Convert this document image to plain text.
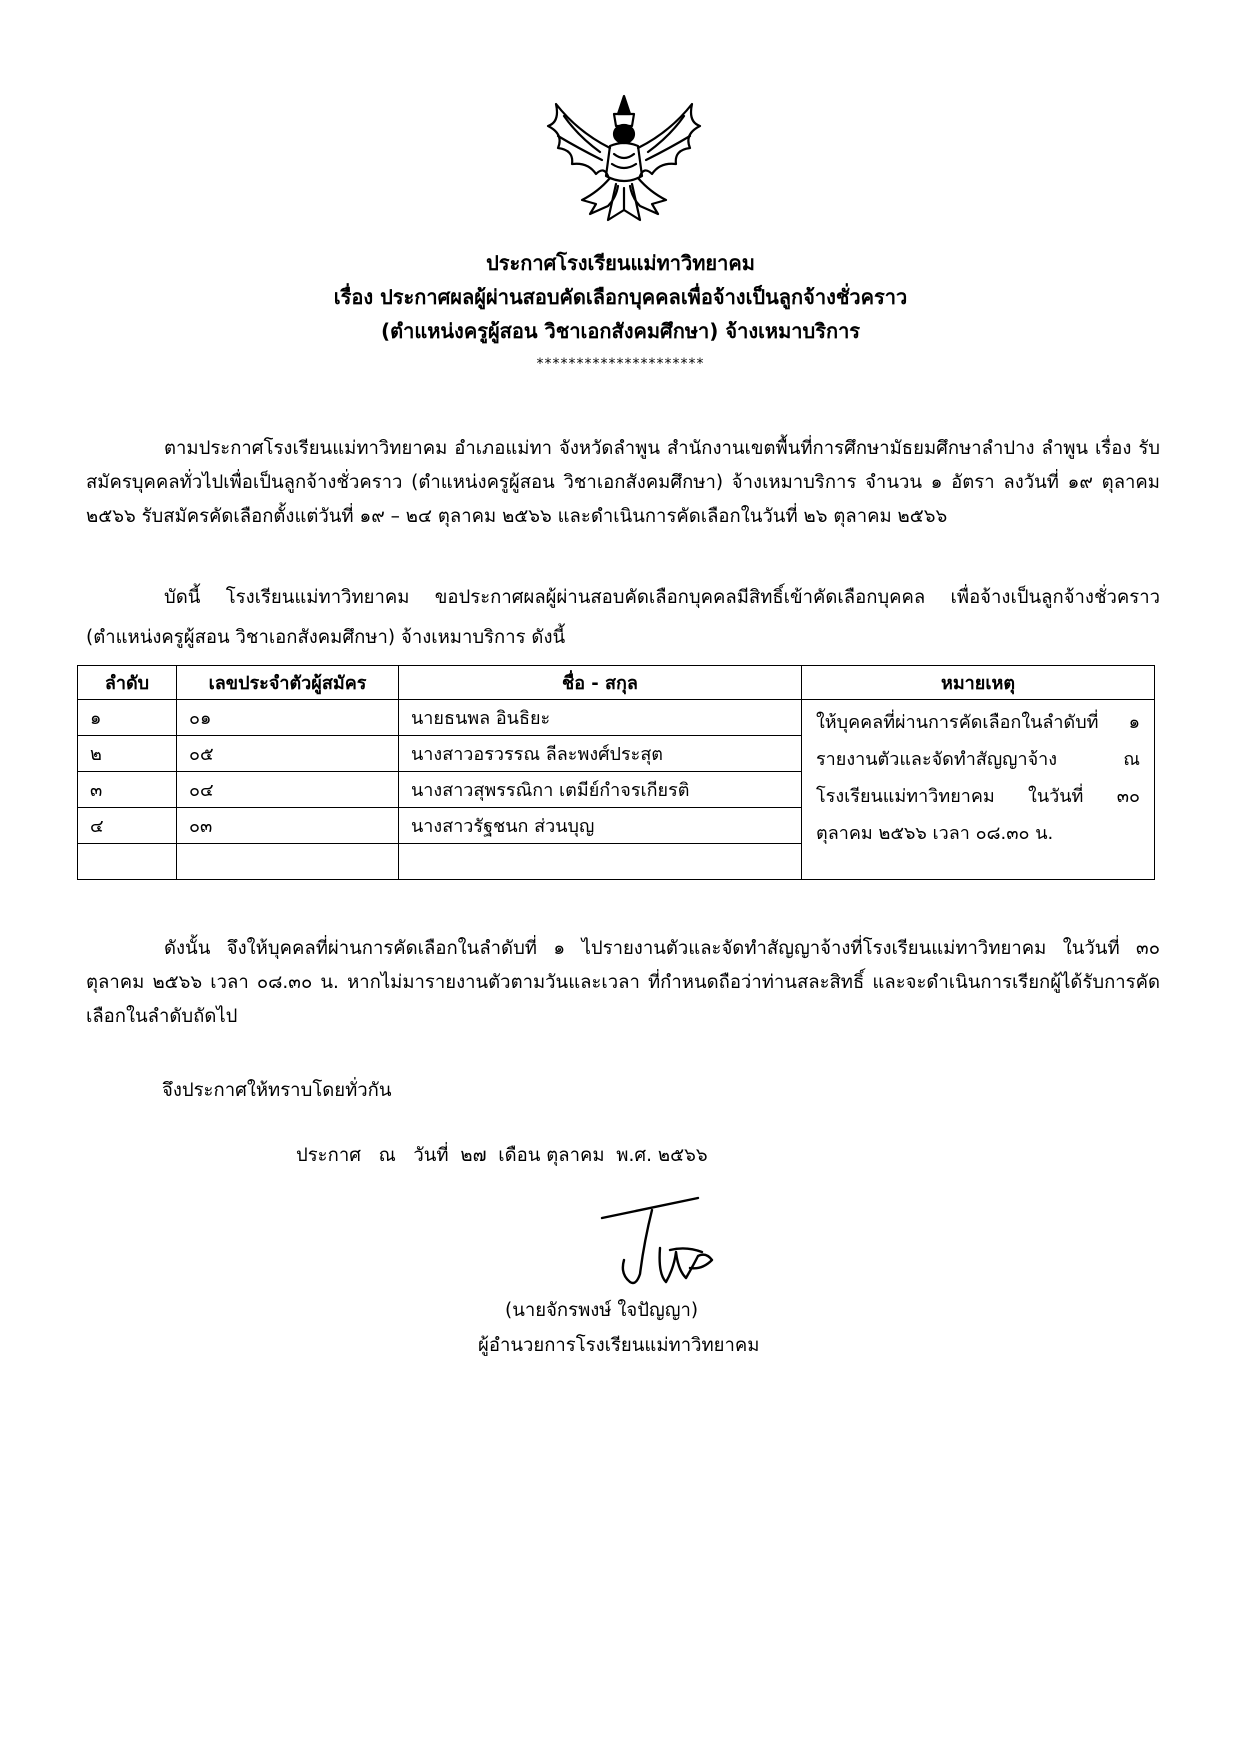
ประกาศโรงเรียนแม่ทาวิทยาคม
เรื่อง ประกาศผลผู้ผ่านสอบคัดเลือกบุคคลเพื่อจ้างเป็นลูกจ้างชั่วคราว
(ตำแหน่งครูผู้สอน วิชาเอกสังคมศึกษา) จ้างเหมาบริการ
*********************
ตามประกาศโรงเรียนแม่ทาวิทยาคม อำเภอแม่ทา จังหวัดลำพูน สำนักงานเขตพื้นที่การศึกษามัธยมศึกษาลำปาง ลำพูน เรื่อง รับสมัครบุคคลทั่วไปเพื่อเป็นลูกจ้างชั่วคราว (ตำแหน่งครูผู้สอน วิชาเอกสังคมศึกษา) จ้างเหมาบริการ จำนวน ๑ อัตรา ลงวันที่ ๑๙ ตุลาคม ๒๕๖๖ รับสมัครคัดเลือกตั้งแต่วันที่ ๑๙ – ๒๔ ตุลาคม ๒๕๖๖ และดำเนินการคัดเลือกในวันที่ ๒๖ ตุลาคม ๒๕๖๖
บัดนี้ โรงเรียนแม่ทาวิทยาคม ขอประกาศผลผู้ผ่านสอบคัดเลือกบุคคลมีสิทธิ์เข้าคัดเลือกบุคคล เพื่อจ้างเป็นลูกจ้างชั่วคราว (ตำแหน่งครูผู้สอน วิชาเอกสังคมศึกษา) จ้างเหมาบริการ ดังนี้
ลำดับ	เลขประจำตัวผู้สมัคร	ชื่อ - สกุล	หมายเหตุ
๑	๐๑	นายธนพล อินธิยะ	ให้บุคคลที่ผ่านการคัดเลือกในลำดับที่ ๑ รายงานตัวและจัดทำสัญญาจ้าง ณ โรงเรียนแม่ทาวิทยาคม ในวันที่ ๓๐ ตุลาคม ๒๕๖๖ เวลา ๐๘.๓๐ น.
๒	๐๕	นางสาวอรวรรณ ลีละพงศ์ประสุต	
๓	๐๔	นางสาวสุพรรณิกา เตมีย์กำจรเกียรติ	
๔	๐๓	นางสาวรัฐชนก ส่วนบุญ	

ดังนั้น จึงให้บุคคลที่ผ่านการคัดเลือกในลำดับที่ ๑ ไปรายงานตัวและจัดทำสัญญาจ้างที่โรงเรียนแม่ทาวิทยาคม ในวันที่ ๓๐ ตุลาคม ๒๕๖๖ เวลา ๐๘.๓๐ น. หากไม่มารายงานตัวตามวันและเวลา ที่กำหนดถือว่าท่านสละสิทธิ์ และจะดำเนินการเรียกผู้ได้รับการคัดเลือกในลำดับถัดไป
จึงประกาศให้ทราบโดยทั่วกัน
ประกาศ   ณ   วันที่  ๒๗  เดือน ตุลาคม  พ.ศ. ๒๕๖๖
(นายจักรพงษ์ ใจปัญญา)
ผู้อำนวยการโรงเรียนแม่ทาวิทยาคม
